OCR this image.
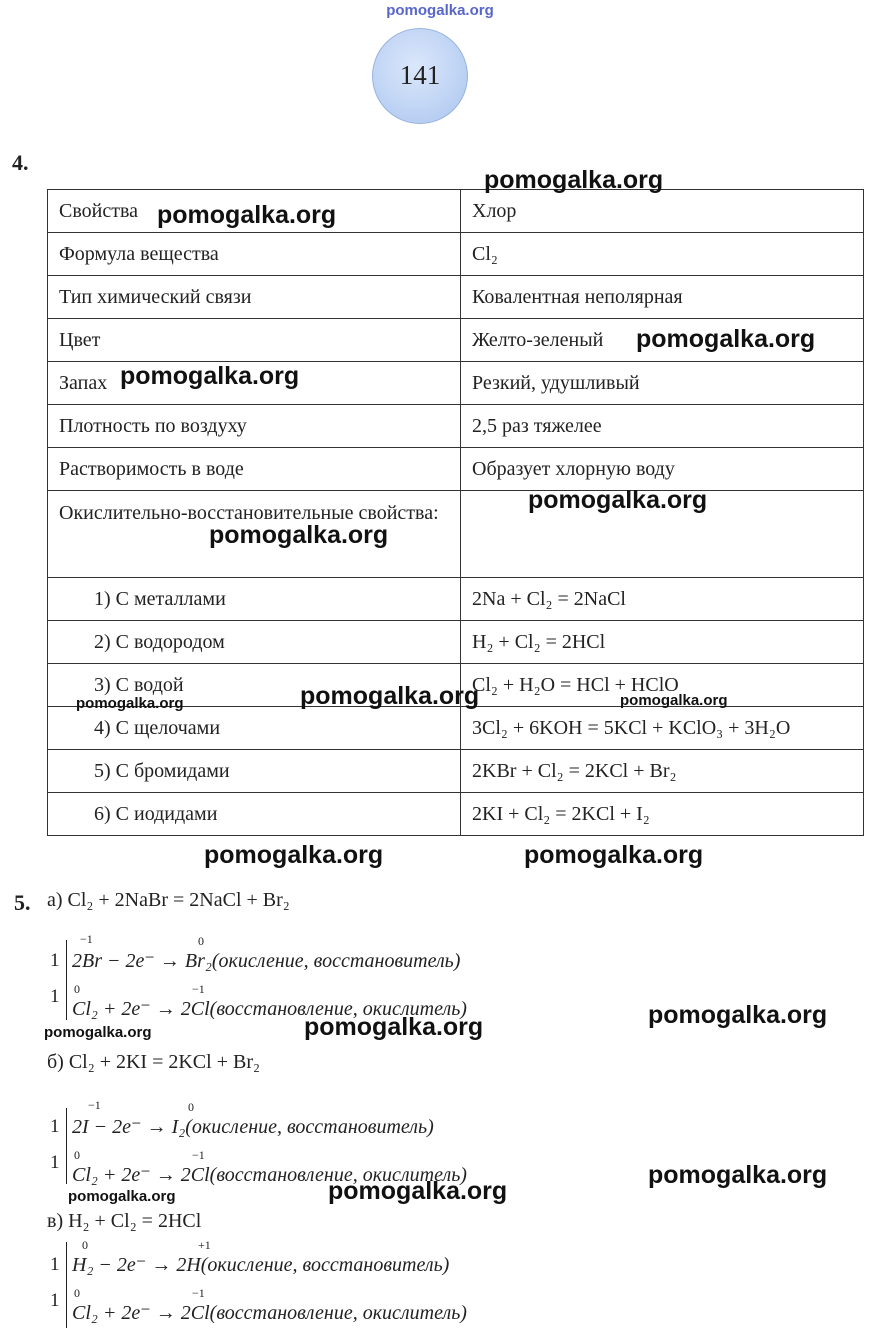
pomogalka.org
141
4.
Свойства	Хлор
Формула вещества	Cl₂
Тип химический связи	Ковалентная неполярная
Цвет	Желто-зеленый
Запах	Резкий, удушливый
Плотность по воздуху	2,5 раз тяжелее
Растворимость в воде	Образует хлорную воду
Окислительно-восстановительные свойства:	
1) С металлами	2Na + Cl₂ = 2NaCl
2) С водородом	H₂ + Cl₂ = 2HCl
3) С водой	Cl₂ + H₂O = HCl + HClO
4) С щелочами	3Cl₂ + 6KOH = 5KCl + KClO₃ + 3H₂O
5) С бромидами	2KBr + Cl₂ = 2KCl + Br₂
6) С иодидами	2KI + Cl₂ = 2KCl + I₂
5. а) Cl₂ + 2NaBr = 2NaCl + Br₂
1
1
−1	0
2Br − 2e⁻ → Br₂(окисление, восстановитель)
0	−1
Cl₂ + 2e⁻ → 2Cl(восстановление, окислитель)
б) Cl₂ + 2KI = 2KCl + Br₂
1
1
−1	0
2I − 2e⁻ → I₂(окисление, восстановитель)
0	−1
Cl₂ + 2e⁻ → 2Cl(восстановление, окислитель)
в) H₂ + Cl₂ = 2HCl
1
1
0	+1
H₂ − 2e⁻ → 2H(окисление, восстановитель)
0	−1
Cl₂ + 2e⁻ → 2Cl(восстановление, окислитель)
pomogalka.org
pomogalka.org
pomogalka.org
pomogalka.org
pomogalka.org
pomogalka.org
pomogalka.org
pomogalka.org	pomogalka.org
pomogalka.org	pomogalka.org
pomogalka.org
pomogalka.org
pomogalka.org
pomogalka.org
pomogalka.org
pomogalka.org
